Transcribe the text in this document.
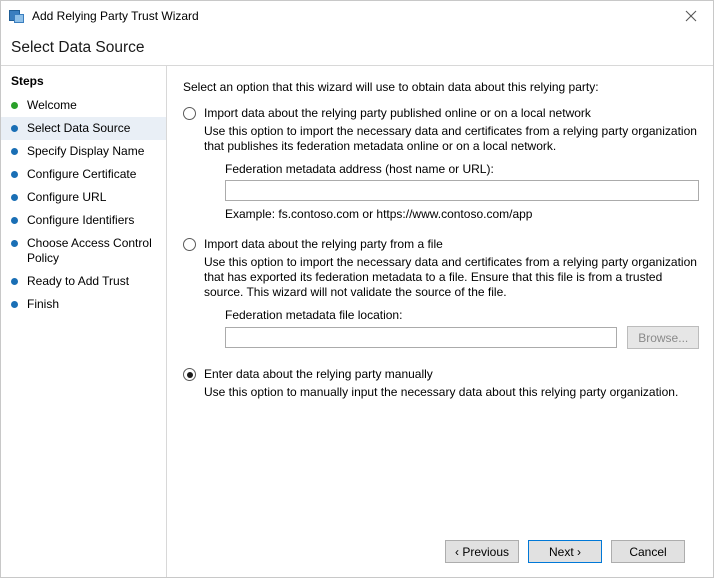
Add Relying Party Trust Wizard
Select Data Source
Steps
Welcome
Select Data Source
Specify Display Name
Configure Certificate
Configure URL
Configure Identifiers
Choose Access Control Policy
Ready to Add Trust
Finish
Select an option that this wizard will use to obtain data about this relying party:
Import data about the relying party published online or on a local network

Use this option to import the necessary data and certificates from a relying party organization that publishes its federation metadata online or on a local network.

Federation metadata address (host name or URL):

Example: fs.contoso.com or https://www.contoso.com/app

Import data about the relying party from a file

Use this option to import the necessary data and certificates from a relying party organization that has exported its federation metadata to a file. Ensure that this file is from a trusted source. This wizard will not validate the source of the file.

Federation metadata file location:
Browse...
Enter data about the relying party manually

Use this option to manually input the necessary data about this relying party organization.

‹ Previous	Next ›	Cancel
